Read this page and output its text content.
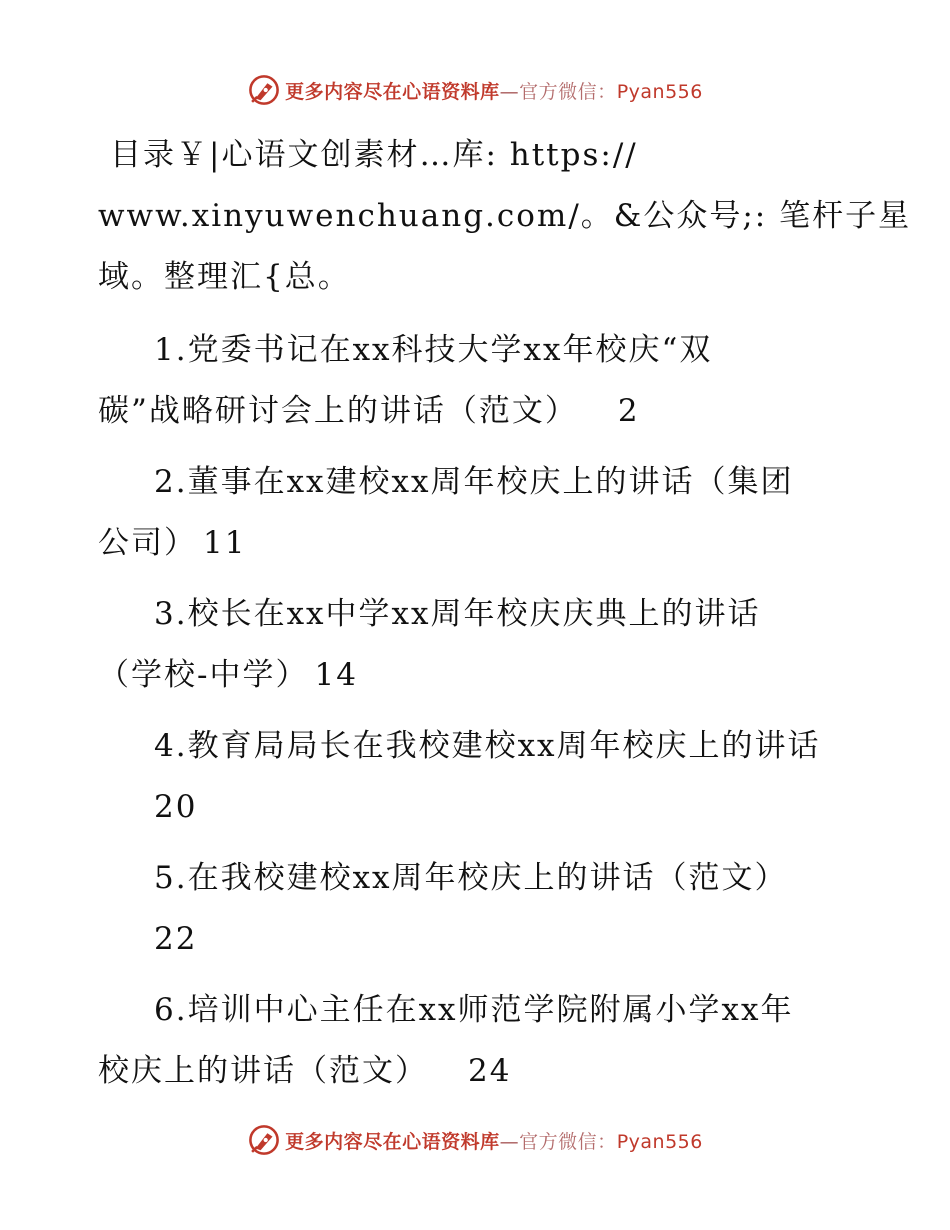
更多内容尽在心语资料库—官方微信：Pyan556

目录￥|心语文创素材…库: https://
www.xinyuwenchuang.com/。&公众号;: 笔杆子星
域。整理汇{总。

1.党委书记在xx科技大学xx年校庆“双
碳”战略研讨会上的讲话（范文） 2
2.董事在xx建校xx周年校庆上的讲话（集团
公司） 11
3.校长在xx中学xx周年校庆庆典上的讲话
（学校-中学） 14
4.教育局局长在我校建校xx周年校庆上的讲话
20
5.在我校建校xx周年校庆上的讲话（范文）
22
6.培训中心主任在xx师范学院附属小学xx年
校庆上的讲话（范文） 24
更多内容尽在心语资料库—官方微信：Pyan556
